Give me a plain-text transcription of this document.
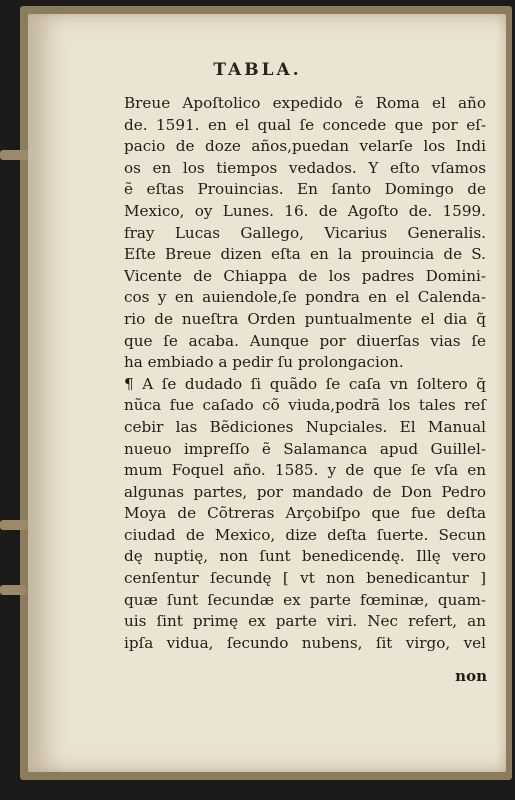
TABLA.
Breue Apoſtolico expedido ẽ Roma el año
de. 1591. en el qual ſe concede que por eſ-
pacio de doze años,puedan velarſe los Indi
os en los tiempos vedados. Y eſto vſamos
ẽ eſtas Prouincias. En ſanto Domingo de
Mexico, oy Lunes. 16. de Agoſto de. 1599.
fray Lucas Gallego, Vicarius Generalis.
Eſte Breue dizen eſta en la prouincia de S.
Vicente de Chiappa de los padres Domini-
cos y en auiendole,ſe pondra en el Calenda-
rio de nueſtra Orden puntualmente el dia q̃
que ſe acaba. Aunque por diuerſas vias ſe
ha embiado a pedir ſu prolongacion.
¶ A ſe dudado ſi quãdo ſe caſa vn ſoltero q̃
nũca fue caſado cõ viuda,podrã los tales reſ
cebir las Bẽdiciones Nupciales. El Manual
nueuo impreſſo ẽ Salamanca apud Guillel-
mum Foquel año. 1585. y de que ſe vſa en
algunas partes, por mandado de Don Pedro
Moya de Cõtreras Arçobiſpo que fue deſta
ciudad de Mexico, dize deſta ſuerte. Secun
dę nuptię, non ſunt benedicendę. Illę vero
cenſentur ſecundę [ vt non benedicantur ]
quæ ſunt ſecundæ ex parte fœminæ, quam-
uis ſint primę ex parte viri. Nec refert, an
ipſa vidua, ſecundo nubens, ſit virgo, vel
non
